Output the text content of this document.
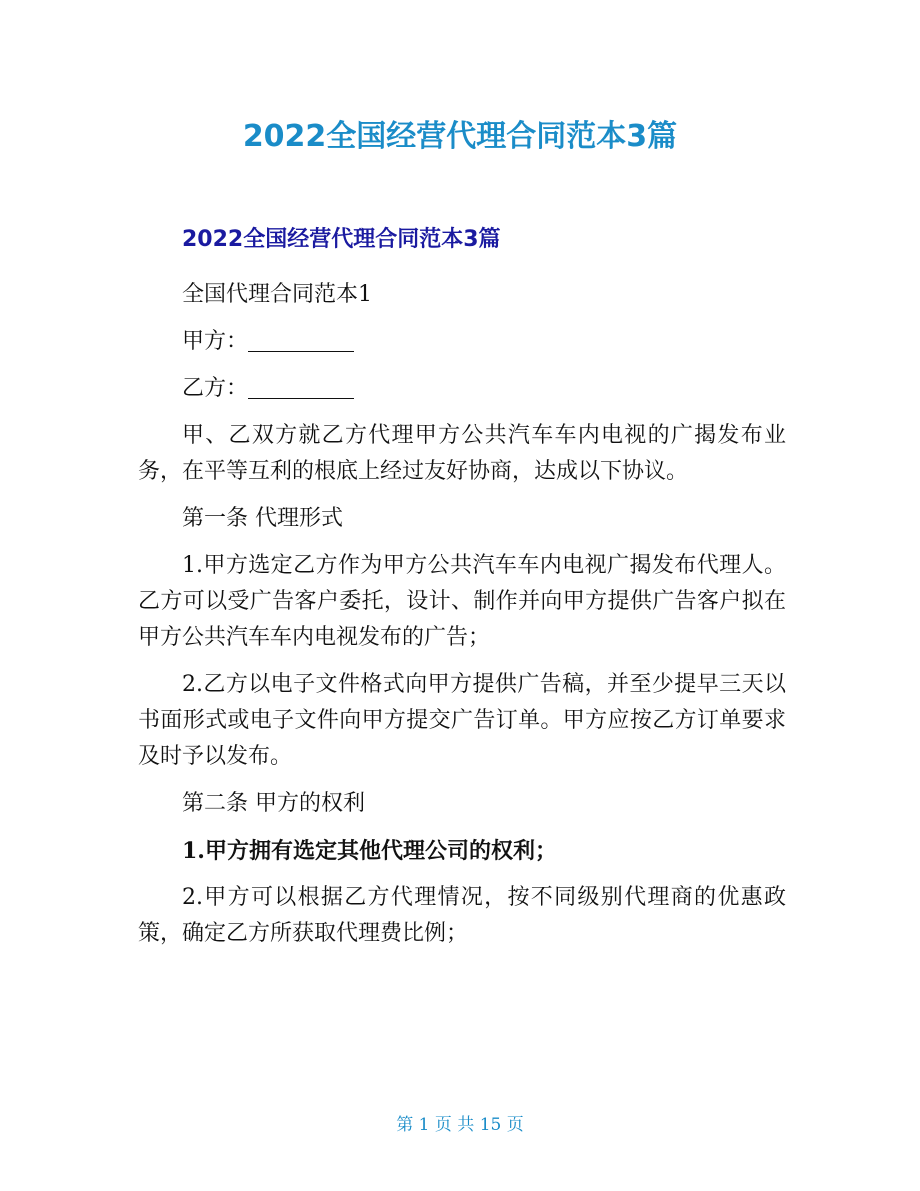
2022全国经营代理合同范本3篇
2022全国经营代理合同范本3篇

全国代理合同范本1

甲方：

乙方：

甲、乙双方就乙方代理甲方公共汽车车内电视的广揭发布业务，在平等互利的根底上经过友好协商，达成以下协议。

第一条 代理形式

1.甲方选定乙方作为甲方公共汽车车内电视广揭发布代理人。乙方可以受广告客户委托，设计、制作并向甲方提供广告客户拟在甲方公共汽车车内电视发布的广告；

2.乙方以电子文件格式向甲方提供广告稿，并至少提早三天以书面形式或电子文件向甲方提交广告订单。甲方应按乙方订单要求及时予以发布。

第二条 甲方的权利

1.甲方拥有选定其他代理公司的权利；

2.甲方可以根据乙方代理情况，按不同级别代理商的优惠政策，确定乙方所获取代理费比例；

第 1 页 共 15 页
